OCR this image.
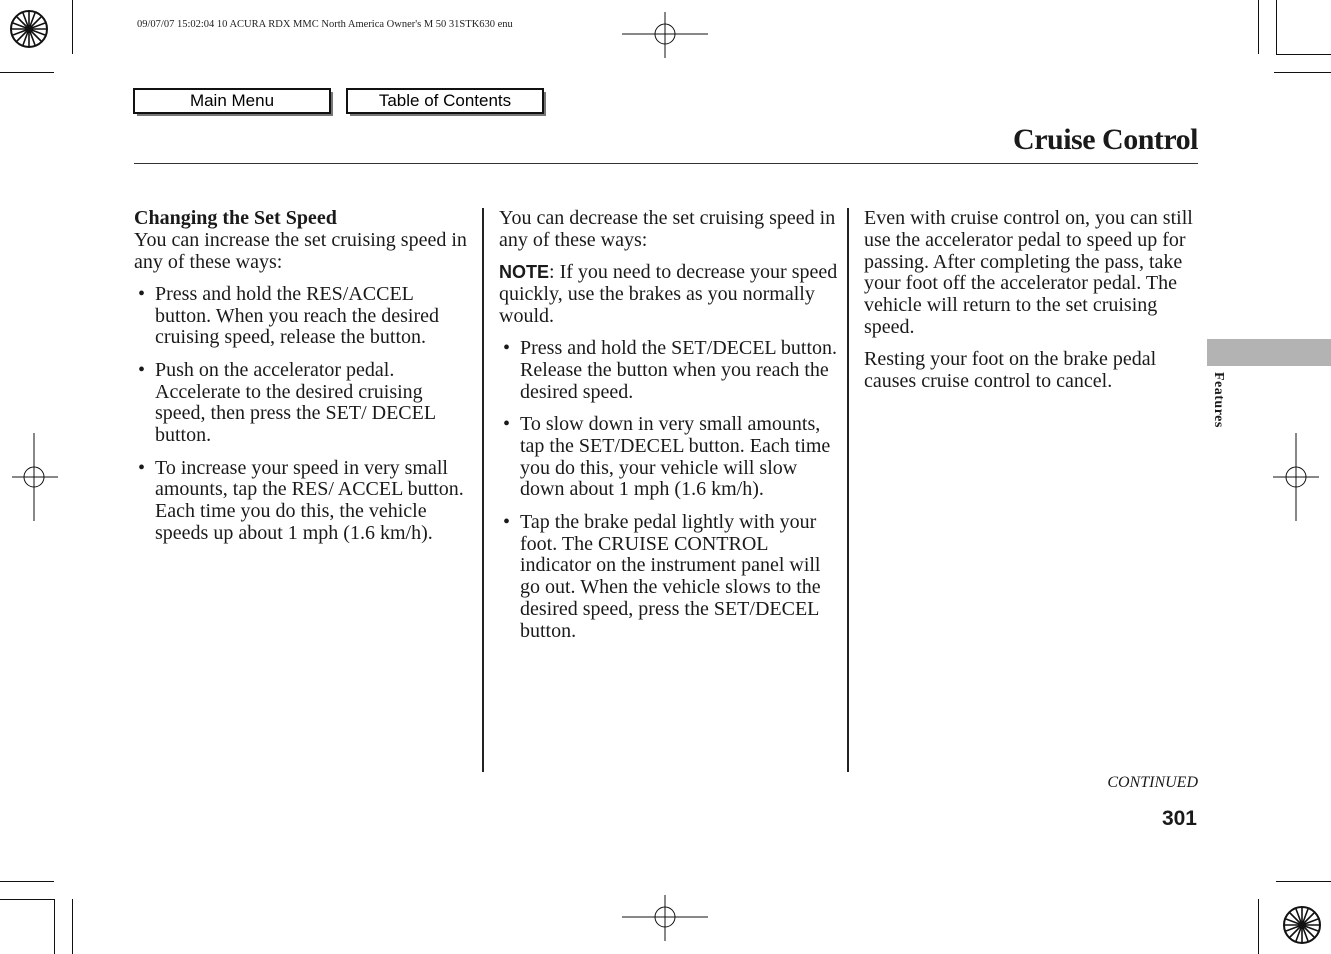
09/07/07 15:02:04 10 ACURA RDX MMC North America Owner's M 50 31STK630 enu
Main Menu	Table of Contents
Cruise Control
Changing the Set Speed

You can increase the set cruising speed in any of these ways:

• Press and hold the RES/ACCEL button. When you reach the desired cruising speed, release the button.
• Push on the accelerator pedal. Accelerate to the desired cruising speed, then press the SET/ DECEL button.
• To increase your speed in very small amounts, tap the RES/ ACCEL button. Each time you do this, the vehicle speeds up about 1 mph (1.6 km/h).

You can decrease the set cruising speed in any of these ways:

NOTE: If you need to decrease your speed quickly, use the brakes as you normally would.

• Press and hold the SET/DECEL button. Release the button when you reach the desired speed.
• To slow down in very small amounts, tap the SET/DECEL button. Each time you do this, your vehicle will slow down about 1 mph (1.6 km/h).
• Tap the brake pedal lightly with your foot. The CRUISE CONTROL indicator on the instrument panel will go out. When the vehicle slows to the desired speed, press the SET/DECEL button.

Even with cruise control on, you can still use the accelerator pedal to speed up for passing. After completing the pass, take your foot off the accelerator pedal. The vehicle will return to the set cruising speed.

Resting your foot on the brake pedal causes cruise control to cancel.	Features
CONTINUED
301
